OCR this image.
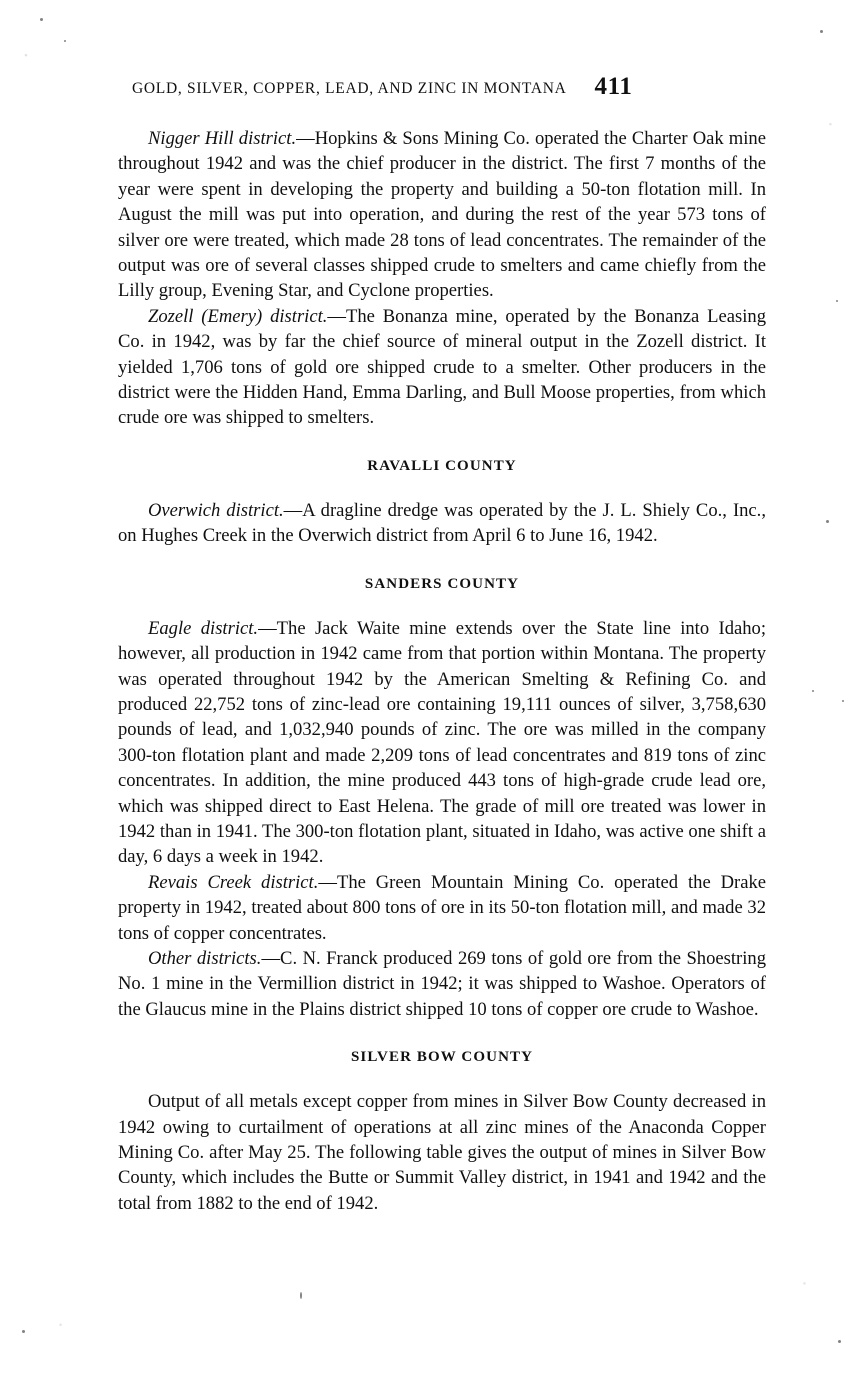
GOLD, SILVER, COPPER, LEAD, AND ZINC IN MONTANA 411

Nigger Hill district.—Hopkins & Sons Mining Co. operated the Charter Oak mine throughout 1942 and was the chief producer in the district. The first 7 months of the year were spent in developing the property and building a 50-ton flotation mill. In August the mill was put into operation, and during the rest of the year 573 tons of silver ore were treated, which made 28 tons of lead concentrates. The remainder of the output was ore of several classes shipped crude to smelters and came chiefly from the Lilly group, Evening Star, and Cyclone properties.

Zozell (Emery) district.—The Bonanza mine, operated by the Bonanza Leasing Co. in 1942, was by far the chief source of mineral output in the Zozell district. It yielded 1,706 tons of gold ore shipped crude to a smelter. Other producers in the district were the Hidden Hand, Emma Darling, and Bull Moose properties, from which crude ore was shipped to smelters.

RAVALLI COUNTY

Overwich district.—A dragline dredge was operated by the J. L. Shiely Co., Inc., on Hughes Creek in the Overwich district from April 6 to June 16, 1942.

SANDERS COUNTY

Eagle district.—The Jack Waite mine extends over the State line into Idaho; however, all production in 1942 came from that portion within Montana. The property was operated throughout 1942 by the American Smelting & Refining Co. and produced 22,752 tons of zinc-lead ore containing 19,111 ounces of silver, 3,758,630 pounds of lead, and 1,032,940 pounds of zinc. The ore was milled in the company 300-ton flotation plant and made 2,209 tons of lead concentrates and 819 tons of zinc concentrates. In addition, the mine produced 443 tons of high-grade crude lead ore, which was shipped direct to East Helena. The grade of mill ore treated was lower in 1942 than in 1941. The 300-ton flotation plant, situated in Idaho, was active one shift a day, 6 days a week in 1942.

Revais Creek district.—The Green Mountain Mining Co. operated the Drake property in 1942, treated about 800 tons of ore in its 50-ton flotation mill, and made 32 tons of copper concentrates.

Other districts.—C. N. Franck produced 269 tons of gold ore from the Shoestring No. 1 mine in the Vermillion district in 1942; it was shipped to Washoe. Operators of the Glaucus mine in the Plains district shipped 10 tons of copper ore crude to Washoe.

SILVER BOW COUNTY

Output of all metals except copper from mines in Silver Bow County decreased in 1942 owing to curtailment of operations at all zinc mines of the Anaconda Copper Mining Co. after May 25. The following table gives the output of mines in Silver Bow County, which includes the Butte or Summit Valley district, in 1941 and 1942 and the total from 1882 to the end of 1942.
